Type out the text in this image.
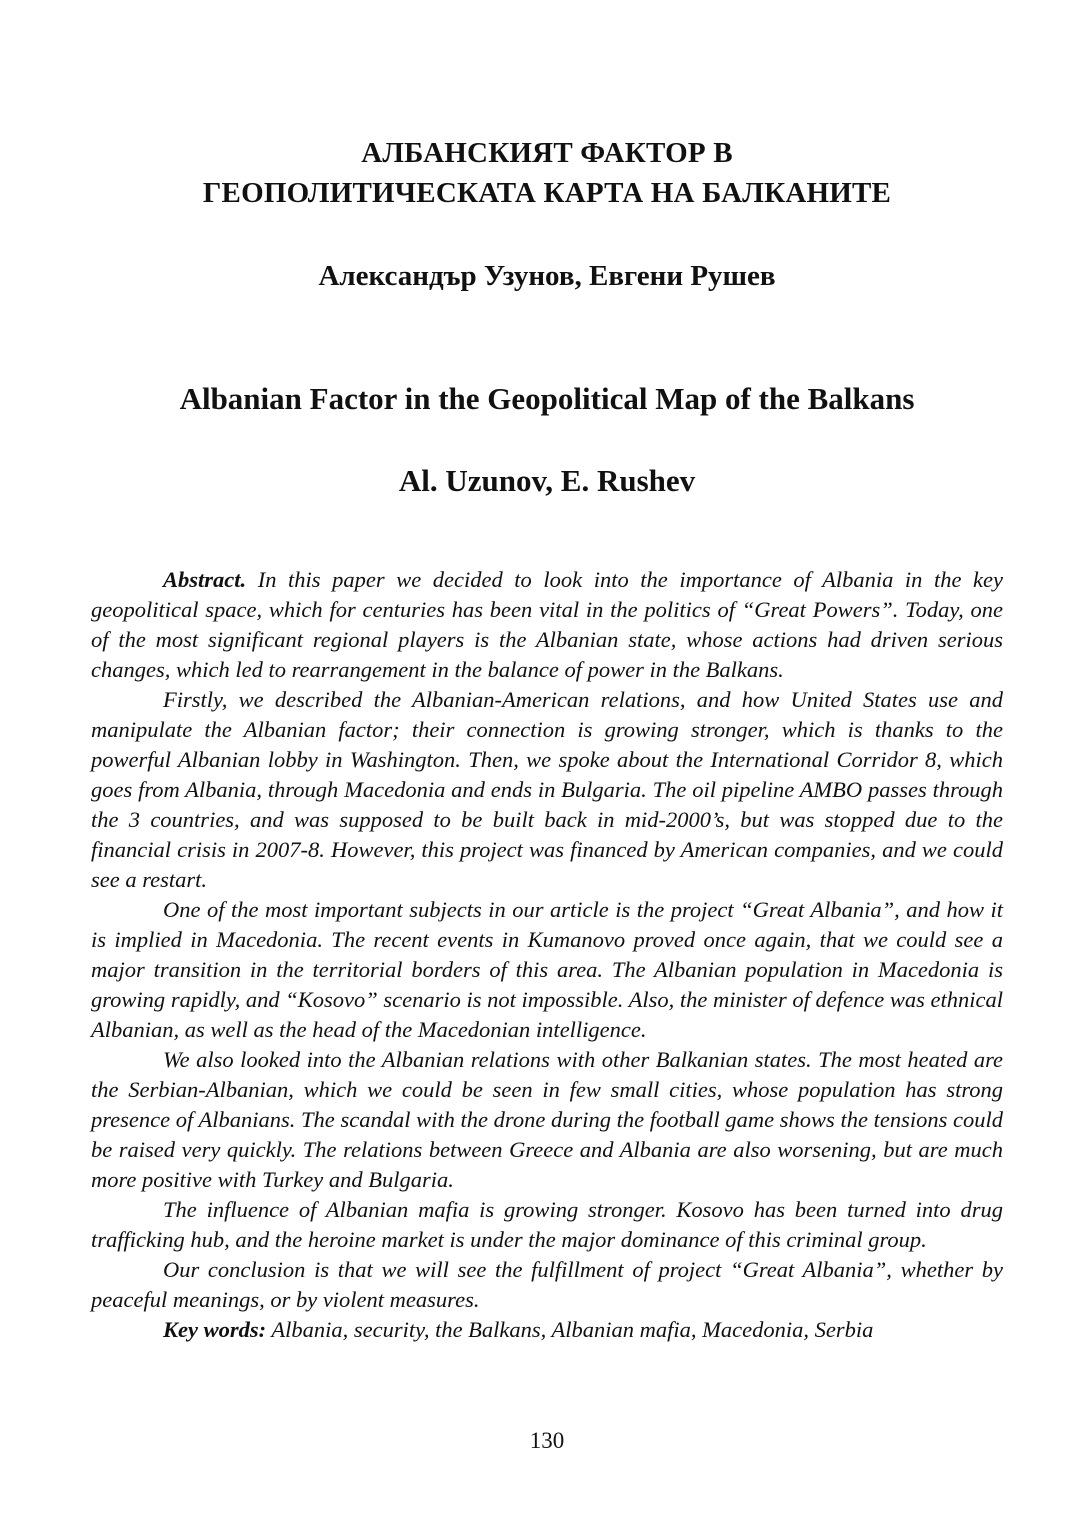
АЛБАНСКИЯТ ФАКТОР В
ГЕОПОЛИТИЧЕСКАТА КАРТА НА БАЛКАНИТЕ
Александър Узунов, Евгени Рушев
Albanian Factor in the Geopolitical Map of the Balkans
Al. Uzunov, E. Rushev

Abstract. In this paper we decided to look into the importance of Albania in the key geopolitical space, which for centuries has been vital in the politics of “Great Powers”. Today, one of the most significant regional players is the Albanian state, whose actions had driven serious changes, which led to rearrangement in the balance of power in the Balkans.

Firstly, we described the Albanian-American relations, and how United States use and manipulate the Albanian factor; their connection is growing stronger, which is thanks to the powerful Albanian lobby in Washington. Then, we spoke about the International Corridor 8, which goes from Albania, through Macedonia and ends in Bulgaria. The oil pipeline AMBO passes through the 3 countries, and was supposed to be built back in mid-2000’s, but was stopped due to the financial crisis in 2007-8. However, this project was financed by American companies, and we could see a restart.

One of the most important subjects in our article is the project “Great Albania”, and how it is implied in Macedonia. The recent events in Kumanovo proved once again, that we could see a major transition in the territorial borders of this area. The Albanian population in Macedonia is growing rapidly, and “Kosovo” scenario is not impossible. Also, the minister of defence was ethnical Albanian, as well as the head of the Macedonian intelligence.

We also looked into the Albanian relations with other Balkanian states. The most heated are the Serbian-Albanian, which we could be seen in few small cities, whose population has strong presence of Albanians. The scandal with the drone during the football game shows the tensions could be raised very quickly. The relations between Greece and Albania are also worsening, but are much more positive with Turkey and Bulgaria.

The influence of Albanian mafia is growing stronger. Kosovo has been turned into drug trafficking hub, and the heroine market is under the major dominance of this criminal group.

Our conclusion is that we will see the fulfillment of project “Great Albania”, whether by peaceful meanings, or by violent measures.

Key words: Albania, security, the Balkans, Albanian mafia, Macedonia, Serbia

130
